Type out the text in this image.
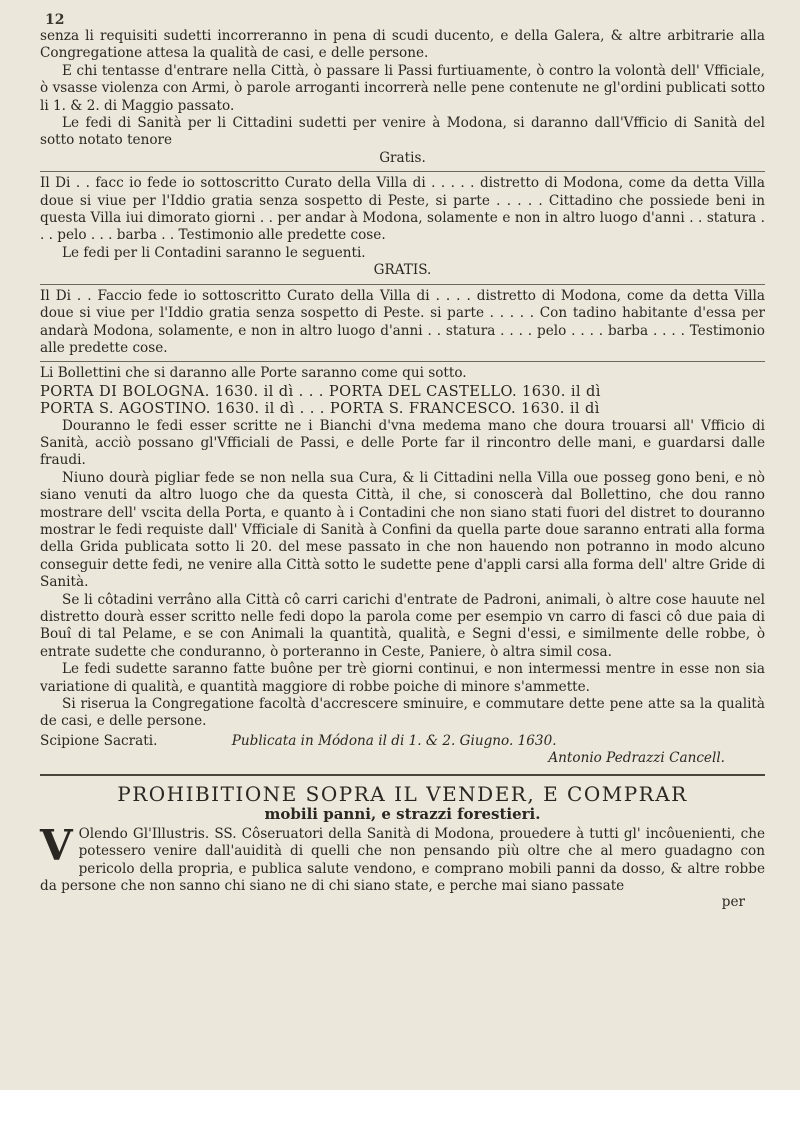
12

senza li requisiti sudetti incorreranno in pena di scudi ducento, e della Galera, & altre arbitrarie alla Congregatione attesa la qualità de casi, e delle persone.

E chi tentasse d'entrare nella Città, ò passare li Passi furtiuamente, ò contro la volontà dell' Vfficiale, ò vsasse violenza con Armi, ò parole arroganti incorrerà nelle pene contenute ne gl'ordini publicati sotto li 1. & 2. di Maggio passato.

Le fedi di Sanità per li Cittadini sudetti per venire à Modona, si daranno dall'Vfficio di Sanità del sotto notato tenore

Gratis.

Il Di . . facc io fede io sottoscritto Curato della Villa di . . . . . distretto di Modona, come da detta Villa doue si viue per l'Iddio gratia senza sospetto di Peste, si parte . . . . . Cittadino che possiede beni in questa Villa iui dimorato giorni . . per andar à Modona, solamente e non in altro luogo d'anni . . statura . . . pelo . . . barba . . Testimonio alle predette cose.

Le fedi per li Contadini saranno le seguenti.

GRATIS.

Il Di . . Faccio fede io sottoscritto Curato della Villa di . . . . distretto di Modona, come da detta Villa doue si viue per l'Iddio gratia senza sospetto di Peste. si parte . . . . . Con tadino habitante d'essa per andarà Modona, solamente, e non in altro luogo d'anni . . statura . . . . pelo . . . . barba . . . . Testimonio alle predette cose.

Li Bollettini che si daranno alle Porte saranno come qui sotto.

PORTA DI BOLOGNA. 1630. il dì . . . PORTA DEL CASTELLO. 1630. il dì

PORTA S. AGOSTINO. 1630. il dì . . . PORTA S. FRANCESCO. 1630. il dì

Douranno le fedi esser scritte ne i Bianchi d'vna medema mano che doura trouarsi all' Vfficio di Sanità, acciò possano gl'Vfficiali de Passi, e delle Porte far il rincontro delle mani, e guardarsi dalle fraudi.

Niuno dourà pigliar fede se non nella sua Cura, & li Cittadini nella Villa oue posseg gono beni, e nò siano venuti da altro luogo che da questa Città, il che, si conoscerà dal Bollettino, che dou ranno mostrare dell' vscita della Porta, e quanto à i Contadini che non siano stati fuori del distret to douranno mostrar le fedi requiste dall' Vfficiale di Sanità à Confini da quella parte doue saranno entrati alla forma della Grida publicata sotto li 20. del mese passato in che non hauendo non potranno in modo alcuno conseguir dette fedi, ne venire alla Città sotto le sudette pene d'appli carsi alla forma dell' altre Gride di Sanità.

Se li côtadini verrâno alla Città cô carri carichi d'entrate de Padroni, animali, ò altre cose hauute nel distretto dourà esser scritto nelle fedi dopo la parola come per esempio vn carro di fasci cô due paia di Bouî di tal Pelame, e se con Animali la quantità, qualità, e Segni d'essi, e similmente delle robbe, ò entrate sudette che conduranno, ò porteranno in Ceste, Paniere, ò altra simil cosa.

Le fedi sudette saranno fatte buône per trè giorni continui, e non intermessi mentre in esse non sia variatione di qualità, e quantità maggiore di robbe poiche di minore s'ammette.

Si riserua la Congregatione facoltà d'accrescere sminuire, e commutare dette pene atte sa la qualità de casi, e delle persone.

Scipione Sacrati.	Publicata in Módona il di 1. & 2. Giugno. 1630.
Antonio Pedrazzi Cancell.
PROHIBITIONE SOPRA IL VENDER, E COMPRAR
mobili panni, e strazzi forestieri.

V Olendo Gl'Illustris. SS. Côseruatori della Sanità di Modona, prouedere à tutti gl' incôuenienti, che potessero venire dall'auidità di quelli che non pensando più oltre che al mero guadagno con pericolo della propria, e publica salute vendono, e comprano mobili panni da dosso, & altre robbe da persone che non sanno chi siano ne di chi siano state, e perche mai siano passate

per
